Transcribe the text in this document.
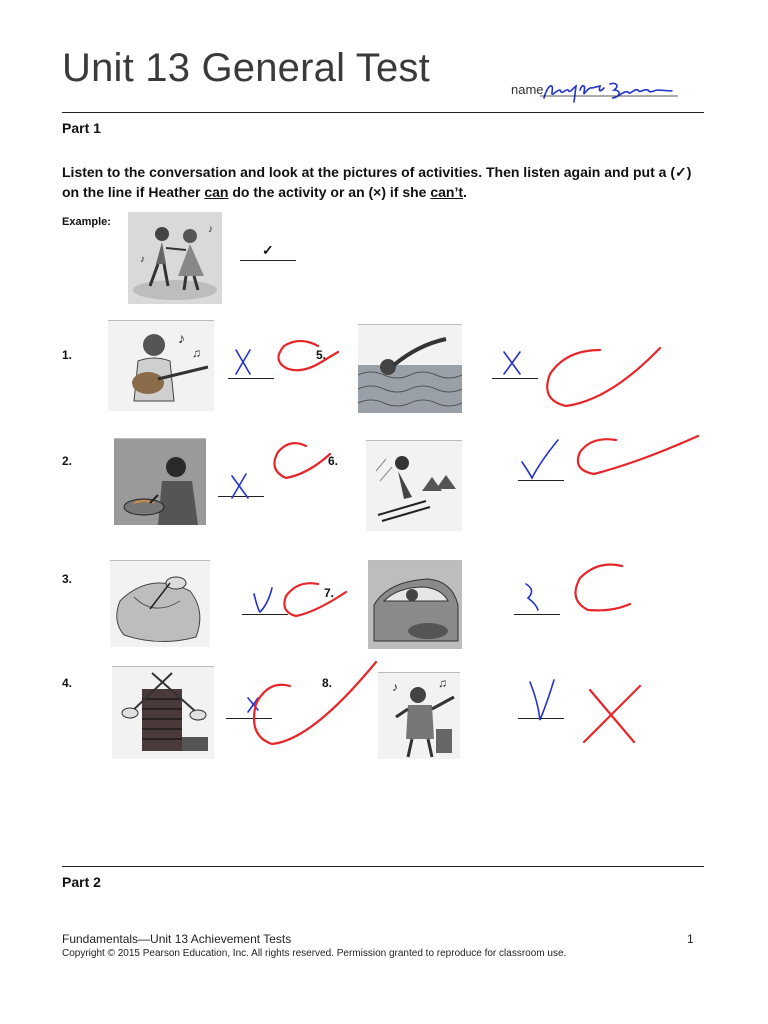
Unit 13 General Test	name
Part 1
Listen to the conversation and look at the pictures of activities. Then listen again and put a (✓) on the line if Heather can do the activity or an (×) if she can’t.
Example:
♪
♪
✓
1.
2.
3.
4.
5.
6.
7.
8.
♪
♫
♪	♫
Part 2
Fundamentals—Unit 13 Achievement Tests
Copyright © 2015 Pearson Education, Inc. All rights reserved. Permission granted to reproduce for classroom use.
1
